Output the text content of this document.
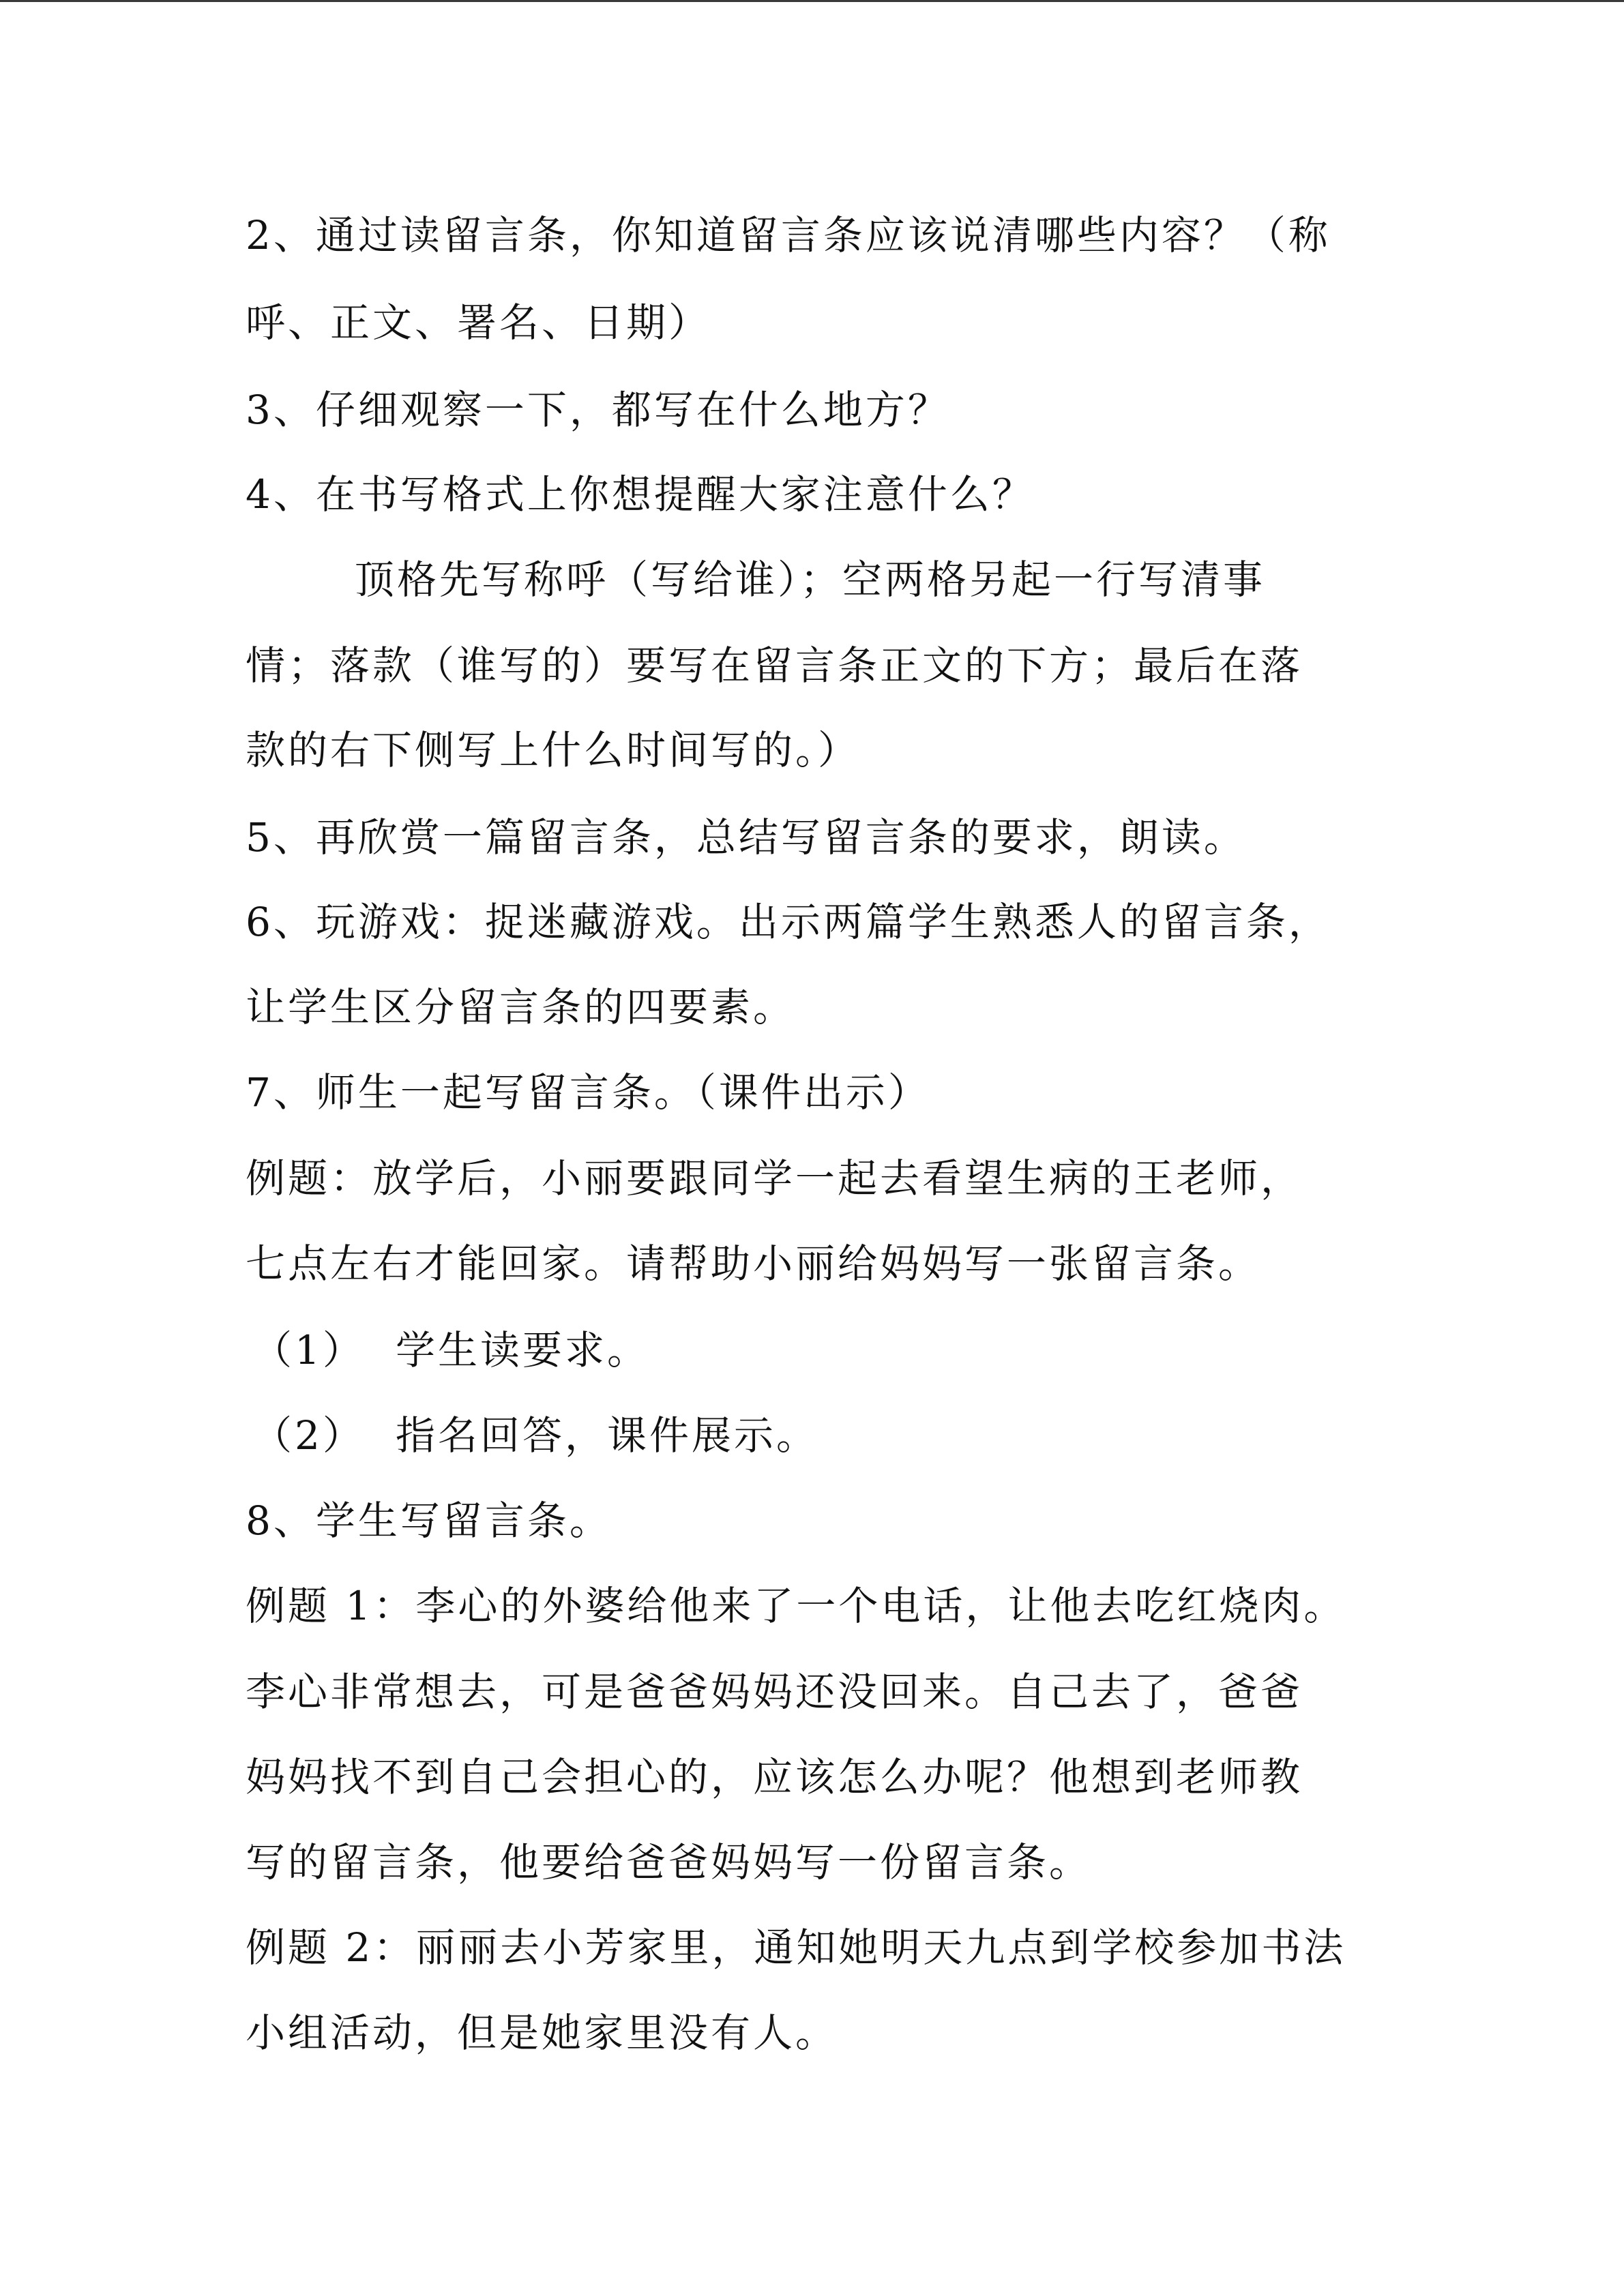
2、通过读留言条，你知道留言条应该说清哪些内容？（称
呼、正文、署名、日期）
3、仔细观察一下，都写在什么地方？
4、在书写格式上你想提醒大家注意什么？
顶格先写称呼（写给谁）；空两格另起一行写清事
情；落款（谁写的）要写在留言条正文的下方；最后在落
款的右下侧写上什么时间写的。）
5、再欣赏一篇留言条，总结写留言条的要求，朗读。
6、玩游戏：捉迷藏游戏。出示两篇学生熟悉人的留言条，
让学生区分留言条的四要素。
7、师生一起写留言条。（课件出示）
例题：放学后，小丽要跟同学一起去看望生病的王老师，
七点左右才能回家。请帮助小丽给妈妈写一张留言条。
（1） 学生读要求。
（2） 指名回答，课件展示。
8、学生写留言条。
例题 1：李心的外婆给他来了一个电话，让他去吃红烧肉。
李心非常想去，可是爸爸妈妈还没回来。自己去了，爸爸
妈妈找不到自己会担心的，应该怎么办呢？他想到老师教
写的留言条，他要给爸爸妈妈写一份留言条。
例题 2：丽丽去小芳家里，通知她明天九点到学校参加书法
小组活动，但是她家里没有人。
